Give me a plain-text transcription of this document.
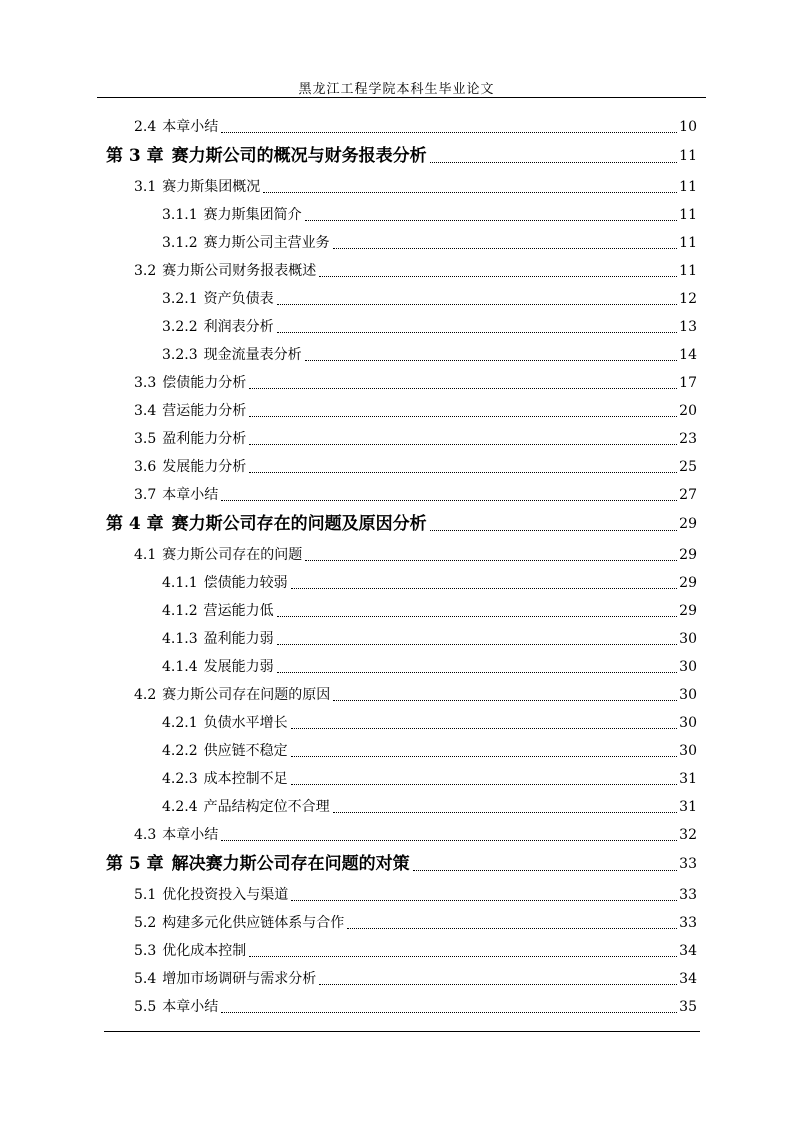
黑龙江工程学院本科生毕业论文
2.4 本章小结	10
第 3 章 赛力斯公司的概况与财务报表分析	11
3.1 赛力斯集团概况	11
3.1.1 赛力斯集团简介	11
3.1.2 赛力斯公司主营业务	11
3.2 赛力斯公司财务报表概述	11
3.2.1 资产负债表	12
3.2.2 利润表分析	13
3.2.3 现金流量表分析	14
3.3 偿债能力分析	17
3.4 营运能力分析	20
3.5 盈利能力分析	23
3.6 发展能力分析	25
3.7 本章小结	27
第 4 章 赛力斯公司存在的问题及原因分析	29
4.1 赛力斯公司存在的问题	29
4.1.1 偿债能力较弱	29
4.1.2 营运能力低	29
4.1.3 盈利能力弱	30
4.1.4 发展能力弱	30
4.2 赛力斯公司存在问题的原因	30
4.2.1 负债水平增长	30
4.2.2 供应链不稳定	30
4.2.3 成本控制不足	31
4.2.4 产品结构定位不合理	31
4.3 本章小结	32
第 5 章 解决赛力斯公司存在问题的对策	33
5.1 优化投资投入与渠道	33
5.2 构建多元化供应链体系与合作	33
5.3 优化成本控制	34
5.4 增加市场调研与需求分析	34
5.5 本章小结	35
